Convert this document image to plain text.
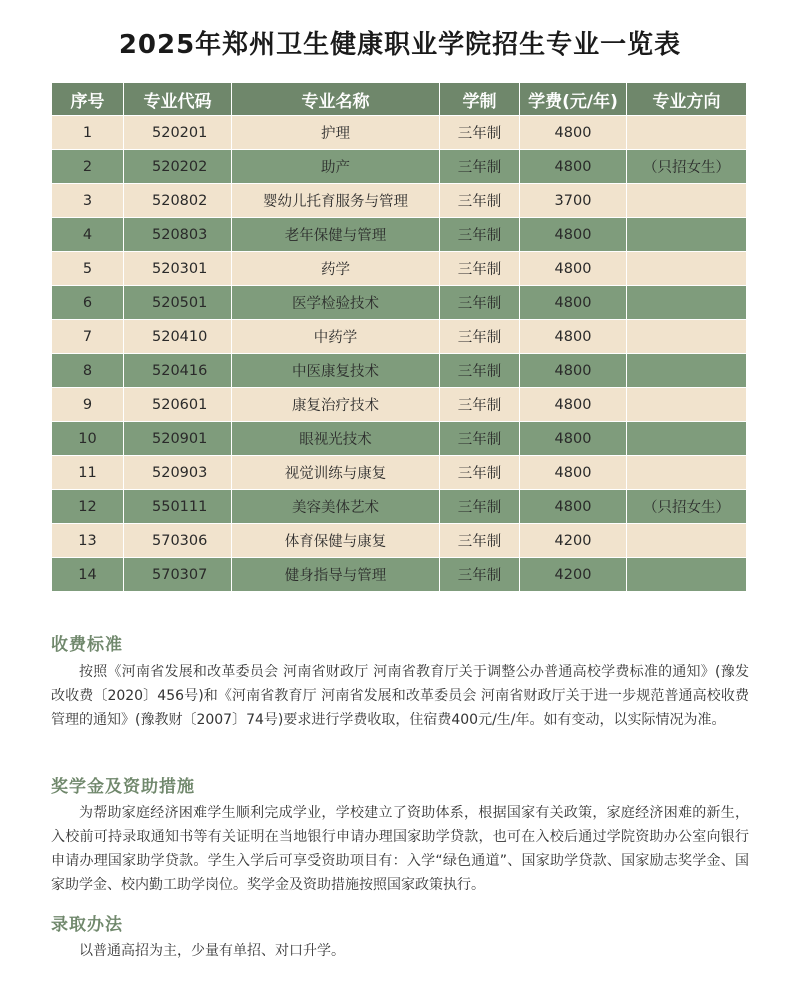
2025年郑州卫生健康职业学院招生专业一览表
序号	专业代码	专业名称	学制	学费(元/年)	专业方向
1	520201	护理	三年制	4800	
2	520202	助产	三年制	4800	（只招女生）
3	520802	婴幼儿托育服务与管理	三年制	3700	
4	520803	老年保健与管理	三年制	4800	
5	520301	药学	三年制	4800	
6	520501	医学检验技术	三年制	4800	
7	520410	中药学	三年制	4800	
8	520416	中医康复技术	三年制	4800	
9	520601	康复治疗技术	三年制	4800	
10	520901	眼视光技术	三年制	4800	
11	520903	视觉训练与康复	三年制	4800	
12	550111	美容美体艺术	三年制	4800	（只招女生）
13	570306	体育保健与康复	三年制	4200	
14	570307	健身指导与管理	三年制	4200	
收费标准
按照《河南省发展和改革委员会 河南省财政厅 河南省教育厅关于调整公办普通高校学费标准的通知》(豫发改收费〔2020〕456号)和《河南省教育厅 河南省发展和改革委员会 河南省财政厅关于进一步规范普通高校收费管理的通知》(豫教财〔2007〕74号)要求进行学费收取，住宿费400元/生/年。如有变动，以实际情况为准。
奖学金及资助措施
为帮助家庭经济困难学生顺利完成学业，学校建立了资助体系，根据国家有关政策，家庭经济困难的新生，入校前可持录取通知书等有关证明在当地银行申请办理国家助学贷款，也可在入校后通过学院资助办公室向银行申请办理国家助学贷款。学生入学后可享受资助项目有：入学“绿色通道”、国家助学贷款、国家励志奖学金、国家助学金、校内勤工助学岗位。奖学金及资助措施按照国家政策执行。
录取办法
以普通高招为主，少量有单招、对口升学。
